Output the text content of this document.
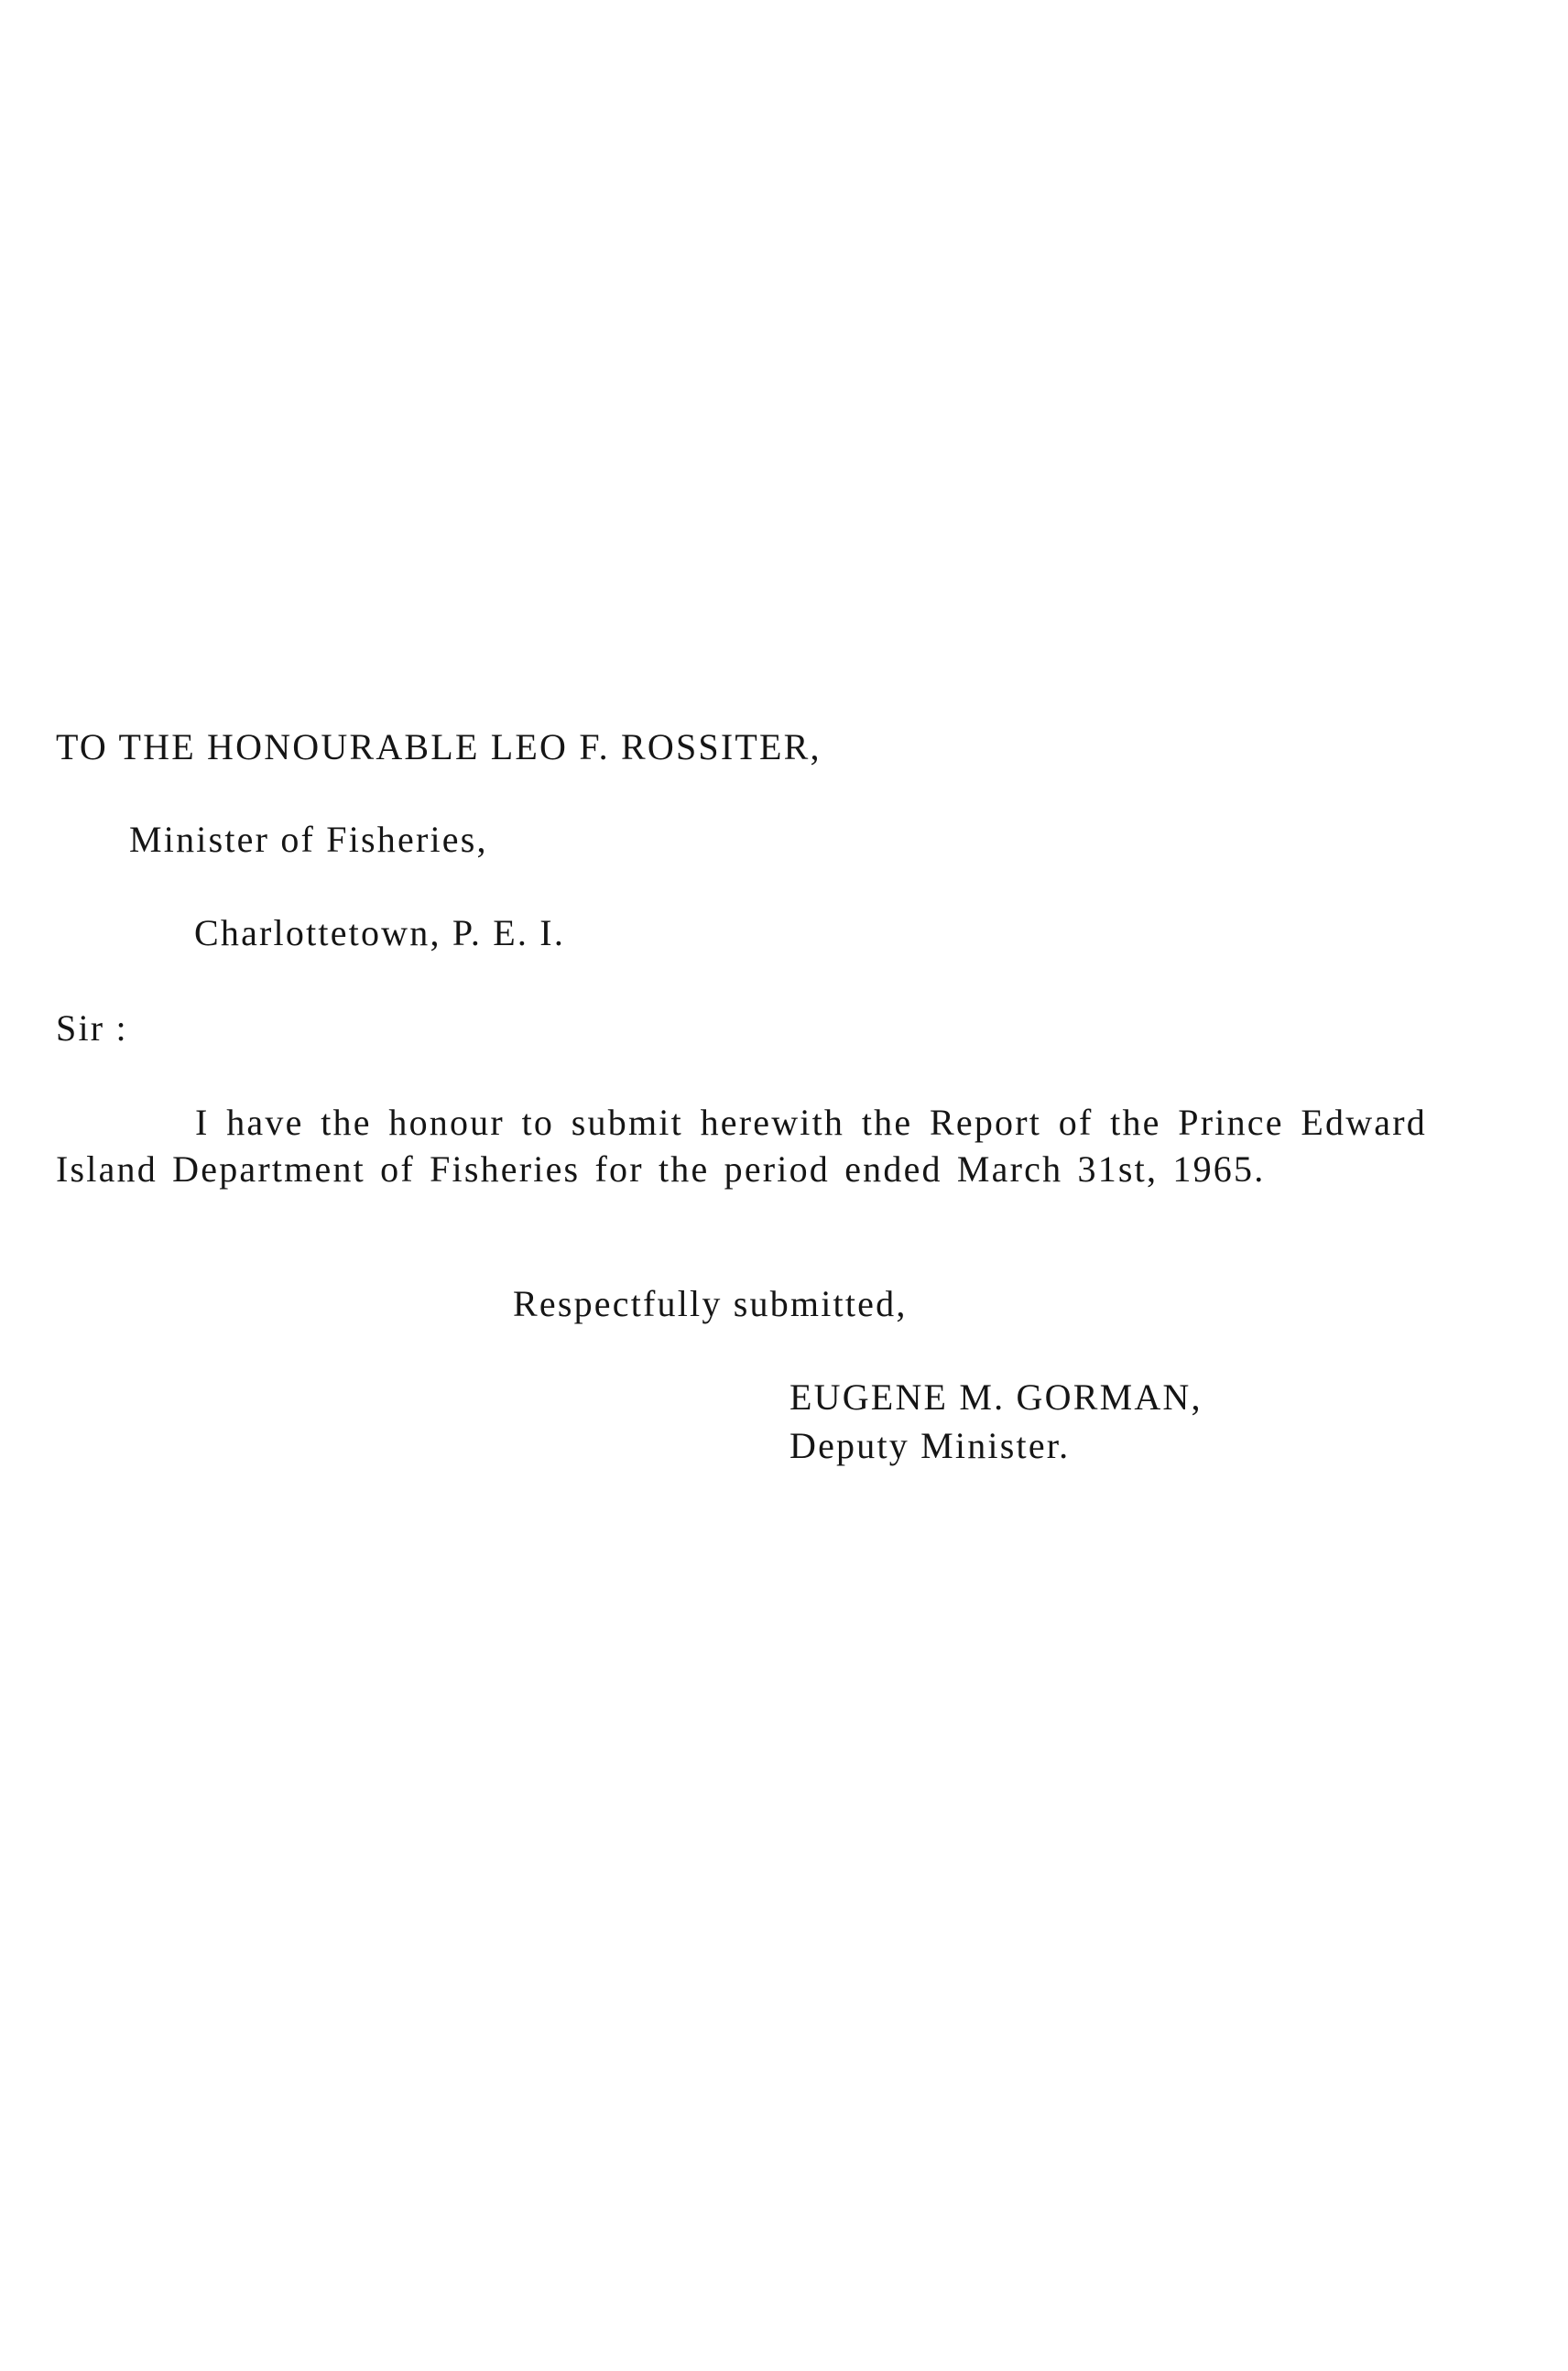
TO THE HONOURABLE LEO F. ROSSITER,

Minister of Fisheries,

Charlottetown, P. E. I.

Sir :

I have the honour to submit herewith the Report of the Prince Edward Island Department of Fisheries for the period ended March 31st, 1965.

Respectfully submitted,

EUGENE M. GORMAN,

Deputy Minister.
